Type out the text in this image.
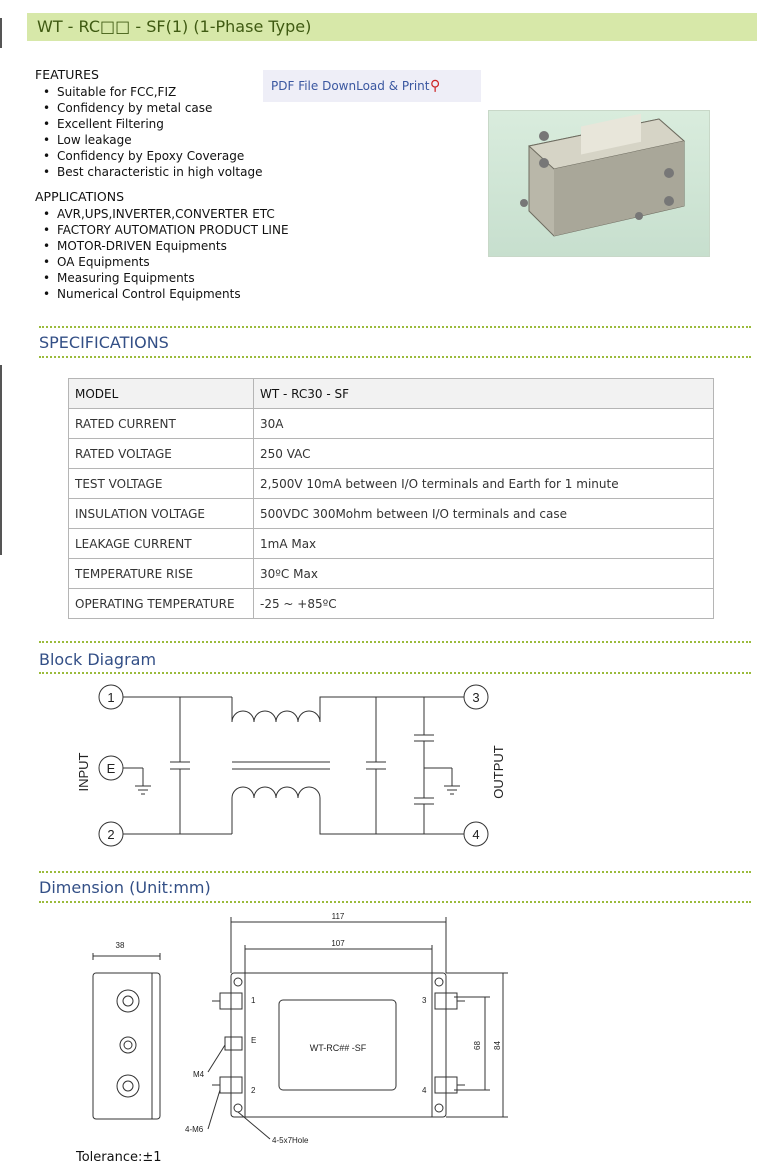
WT - RC□□ - SF(1) (1-Phase Type)
FEATURES
• Suitable for FCC,FIZ
• Confidency by metal case
• Excellent Filtering
• Low leakage
• Confidency by Epoxy Coverage
• Best characteristic in high voltage
APPLICATIONS
• AVR,UPS,INVERTER,CONVERTER ETC
• FACTORY AUTOMATION PRODUCT LINE
• MOTOR-DRIVEN Equipments
• OA Equipments
• Measuring Equipments
• Numerical Control Equipments
PDF File DownLoad & Print ⚲
SPECIFICATIONS
MODEL	WT - RC30 - SF
RATED CURRENT	30A
RATED VOLTAGE	250 VAC
TEST VOLTAGE	2,500V 10mA between I/O terminals and Earth for 1 minute
INSULATION VOLTAGE	500VDC 300Mohm between I/O terminals and case
LEAKAGE CURRENT	1mA Max
TEMPERATURE RISE	30ºC Max
OPERATING TEMPERATURE	-25 ~ +85ºC
Block Diagram
1
E
2
3
4
INPUT	OUTPUT
Dimension (Unit:mm)
38
117
107
68 84
WT-RC## -SF
1
E
2
3
4
M4
4-M6
4-5x7Hole
Tolerance:±1
